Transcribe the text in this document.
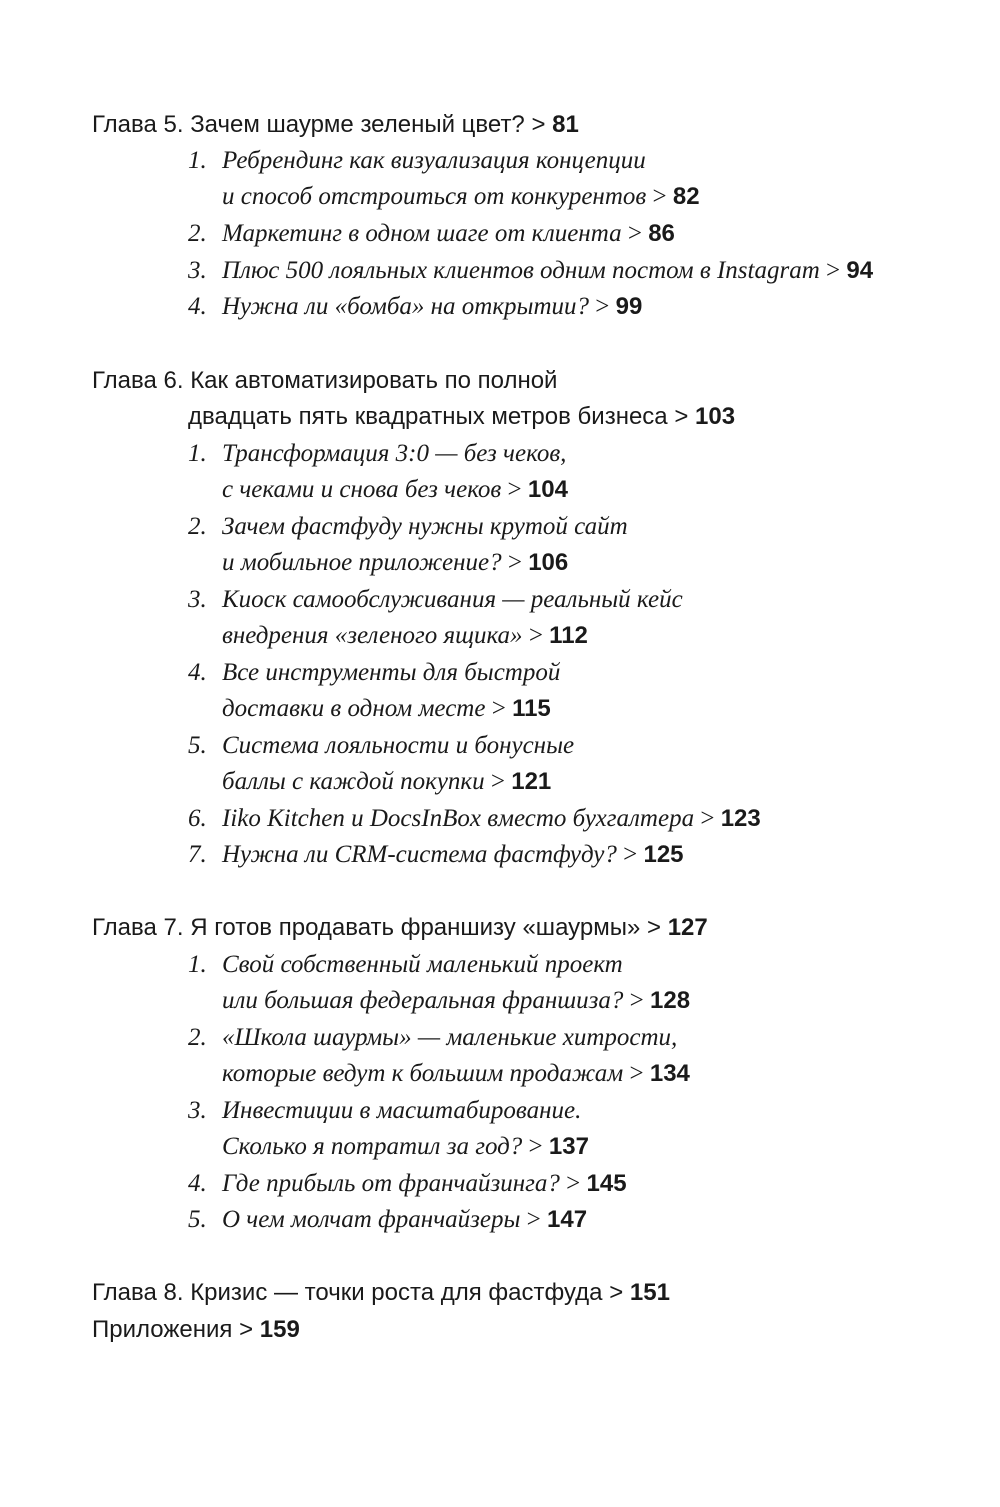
Глава 5. Зачем шаурме зеленый цвет? > 81
1. Ребрендинг как визуализация концепции
и способ отстроиться от конкурентов > 82
2. Маркетинг в одном шаге от клиента > 86
3. Плюс 500 лояльных клиентов одним постом в Instagram > 94
4. Нужна ли «бомба» на открытии? > 99
Глава 6. Как автоматизировать по полной
двадцать пять квадратных метров бизнеса > 103
1. Трансформация 3:0 — без чеков,
с чеками и снова без чеков > 104
2. Зачем фастфуду нужны крутой сайт
и мобильное приложение? > 106
3. Киоск самообслуживания — реальный кейс
внедрения «зеленого ящика» > 112
4. Все инструменты для быстрой
доставки в одном месте > 115
5. Система лояльности и бонусные
баллы с каждой покупки > 121
6. Iiko Kitchen и DocsInBox вместо бухгалтера > 123
7. Нужна ли CRM-система фастфуду? > 125
Глава 7. Я готов продавать франшизу «шаурмы» > 127
1. Свой собственный маленький проект
или большая федеральная франшиза? > 128
2. «Школа шаурмы» — маленькие хитрости,
которые ведут к большим продажам > 134
3. Инвестиции в масштабирование.
Сколько я потратил за год? > 137
4. Где прибыль от франчайзинга? > 145
5. О чем молчат франчайзеры > 147
Глава 8. Кризис — точки роста для фастфуда > 151
Приложения > 159
